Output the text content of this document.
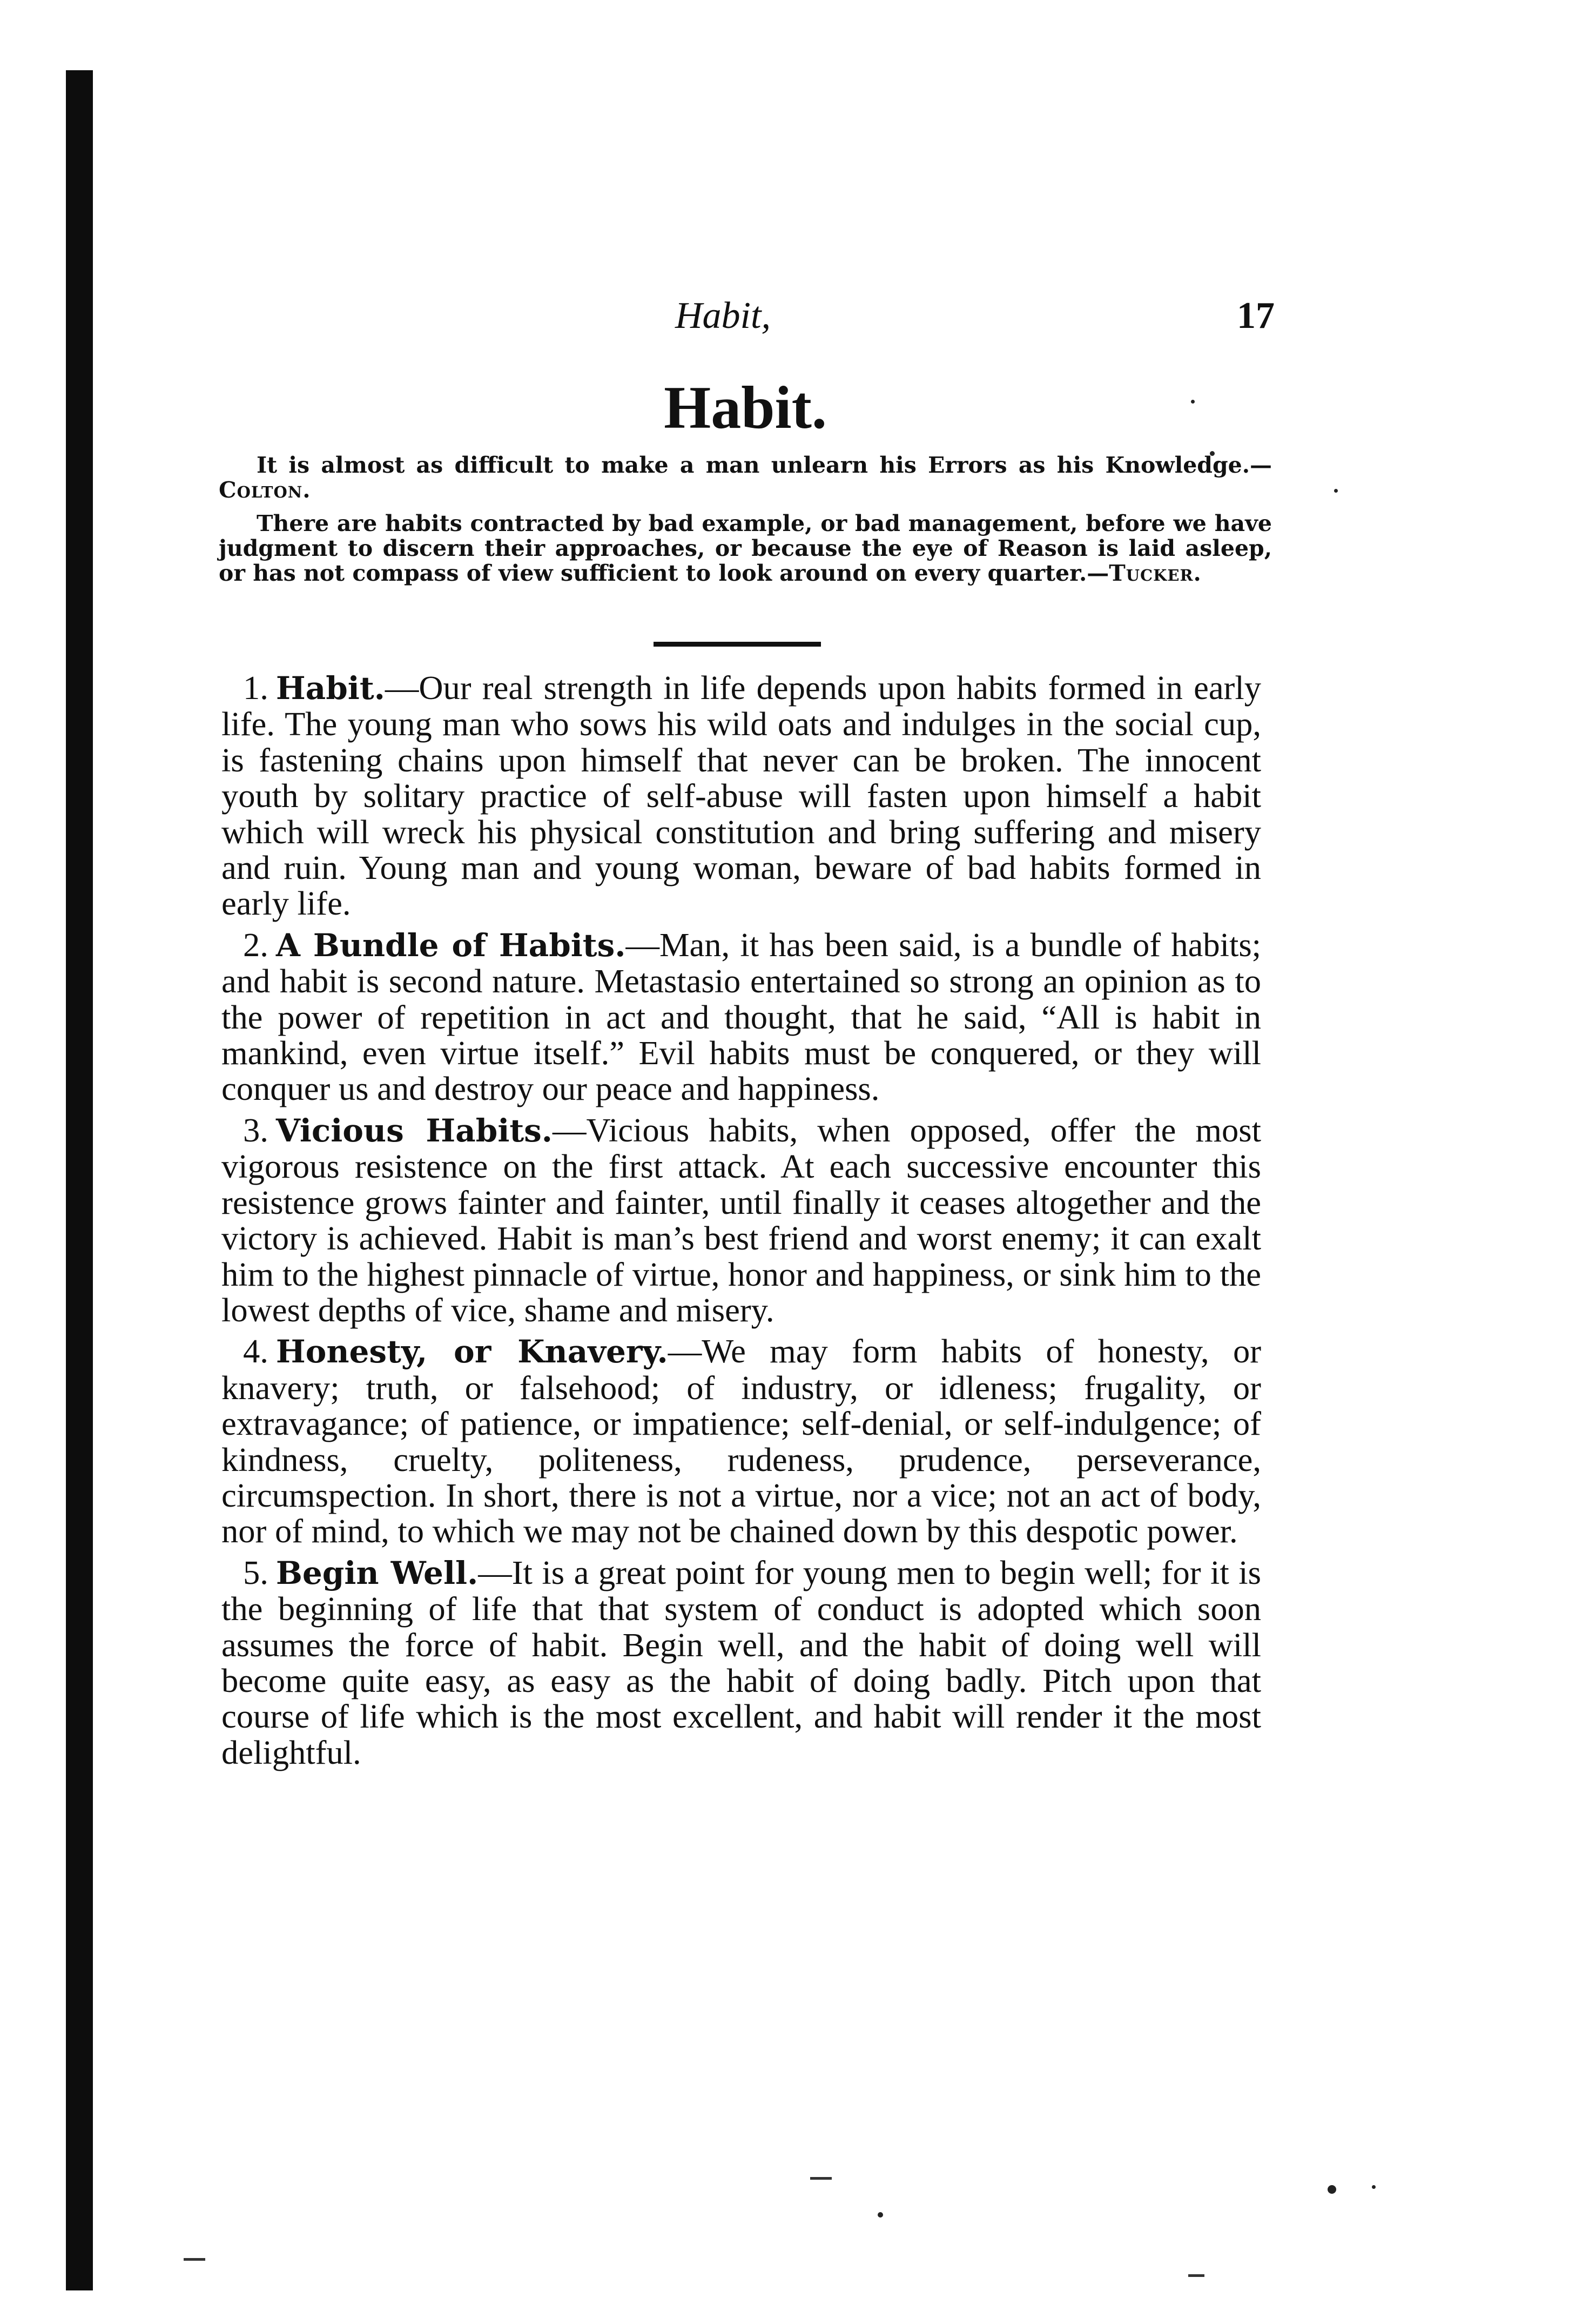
Habit,	17
Habit.

It is almost as difficult to make a man unlearn his Errors as his Knowledge.—Colton.

There are habits contracted by bad example, or bad management, before we have judgment to discern their approaches, or because the eye of Reason is laid asleep, or has not compass of view sufficient to look around on every quarter.—Tucker.

1. Habit.—Our real strength in life depends upon habits formed in early life. The young man who sows his wild oats and indulges in the social cup, is fastening chains upon himself that never can be broken. The innocent youth by solitary practice of self-abuse will fasten upon himself a habit which will wreck his physical constitution and bring suffering and misery and ruin. Young man and young woman, beware of bad habits formed in early life.

2. A Bundle of Habits.—Man, it has been said, is a bundle of habits; and habit is second nature. Metastasio entertained so strong an opinion as to the power of repetition in act and thought, that he said, “All is habit in mankind, even virtue itself.” Evil habits must be conquered, or they will conquer us and destroy our peace and happiness.

3. Vicious Habits.—Vicious habits, when opposed, offer the most vigorous resistence on the first attack. At each successive encounter this resistence grows fainter and fainter, until finally it ceases altogether and the victory is achieved. Habit is man’s best friend and worst enemy; it can exalt him to the highest pinnacle of virtue, honor and happiness, or sink him to the lowest depths of vice, shame and misery.

4. Honesty, or Knavery.—We may form habits of honesty, or knavery; truth, or falsehood; of industry, or idleness; frugality, or extravagance; of patience, or impatience; self-denial, or self-indulgence; of kindness, cruelty, politeness, rudeness, prudence, perseverance, circumspection. In short, there is not a virtue, nor a vice; not an act of body, nor of mind, to which we may not be chained down by this despotic power.

5. Begin Well.—It is a great point for young men to begin well; for it is the beginning of life that that system of conduct is adopted which soon assumes the force of habit. Begin well, and the habit of doing well will become quite easy, as easy as the habit of doing badly. Pitch upon that course of life which is the most excellent, and habit will render it the most delightful.
